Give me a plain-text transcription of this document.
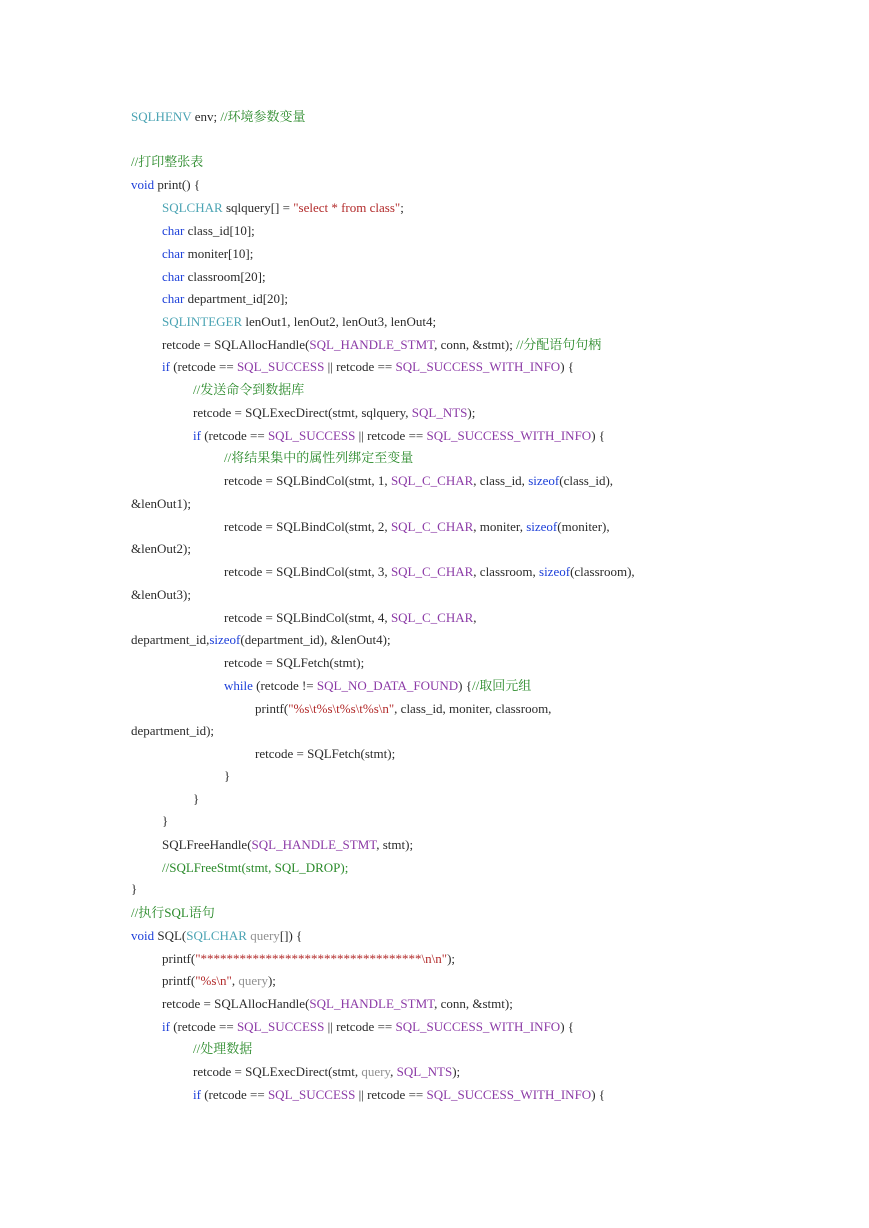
SQLHENV env; //环境参数变量
//打印整张表
void print() {
SQLCHAR sqlquery[] = "select * from class";
char class_id[10];
char moniter[10];
char classroom[20];
char department_id[20];
SQLINTEGER lenOut1, lenOut2, lenOut3, lenOut4;
retcode = SQLAllocHandle(SQL_HANDLE_STMT, conn, &stmt); //分配语句句柄
if (retcode == SQL_SUCCESS || retcode == SQL_SUCCESS_WITH_INFO) {
//发送命令到数据库
retcode = SQLExecDirect(stmt, sqlquery, SQL_NTS);
if (retcode == SQL_SUCCESS || retcode == SQL_SUCCESS_WITH_INFO) {
//将结果集中的属性列绑定至变量
retcode = SQLBindCol(stmt, 1, SQL_C_CHAR, class_id, sizeof(class_id),
&lenOut1);
retcode = SQLBindCol(stmt, 2, SQL_C_CHAR, moniter, sizeof(moniter),
&lenOut2);
retcode = SQLBindCol(stmt, 3, SQL_C_CHAR, classroom, sizeof(classroom),
&lenOut3);
retcode = SQLBindCol(stmt, 4, SQL_C_CHAR,
department_id,sizeof(department_id), &lenOut4);
retcode = SQLFetch(stmt);
while (retcode != SQL_NO_DATA_FOUND) {//取回元组
printf("%s\t%s\t%s\t%s\n", class_id, moniter, classroom,
department_id);
retcode = SQLFetch(stmt);
}
}
}
SQLFreeHandle(SQL_HANDLE_STMT, stmt);
//SQLFreeStmt(stmt, SQL_DROP);
}
//执行SQL语句
void SQL(SQLCHAR query[]) {
printf("**********************************\n\n");
printf("%s\n", query);
retcode = SQLAllocHandle(SQL_HANDLE_STMT, conn, &stmt);
if (retcode == SQL_SUCCESS || retcode == SQL_SUCCESS_WITH_INFO) {
//处理数据
retcode = SQLExecDirect(stmt, query, SQL_NTS);
if (retcode == SQL_SUCCESS || retcode == SQL_SUCCESS_WITH_INFO) {
